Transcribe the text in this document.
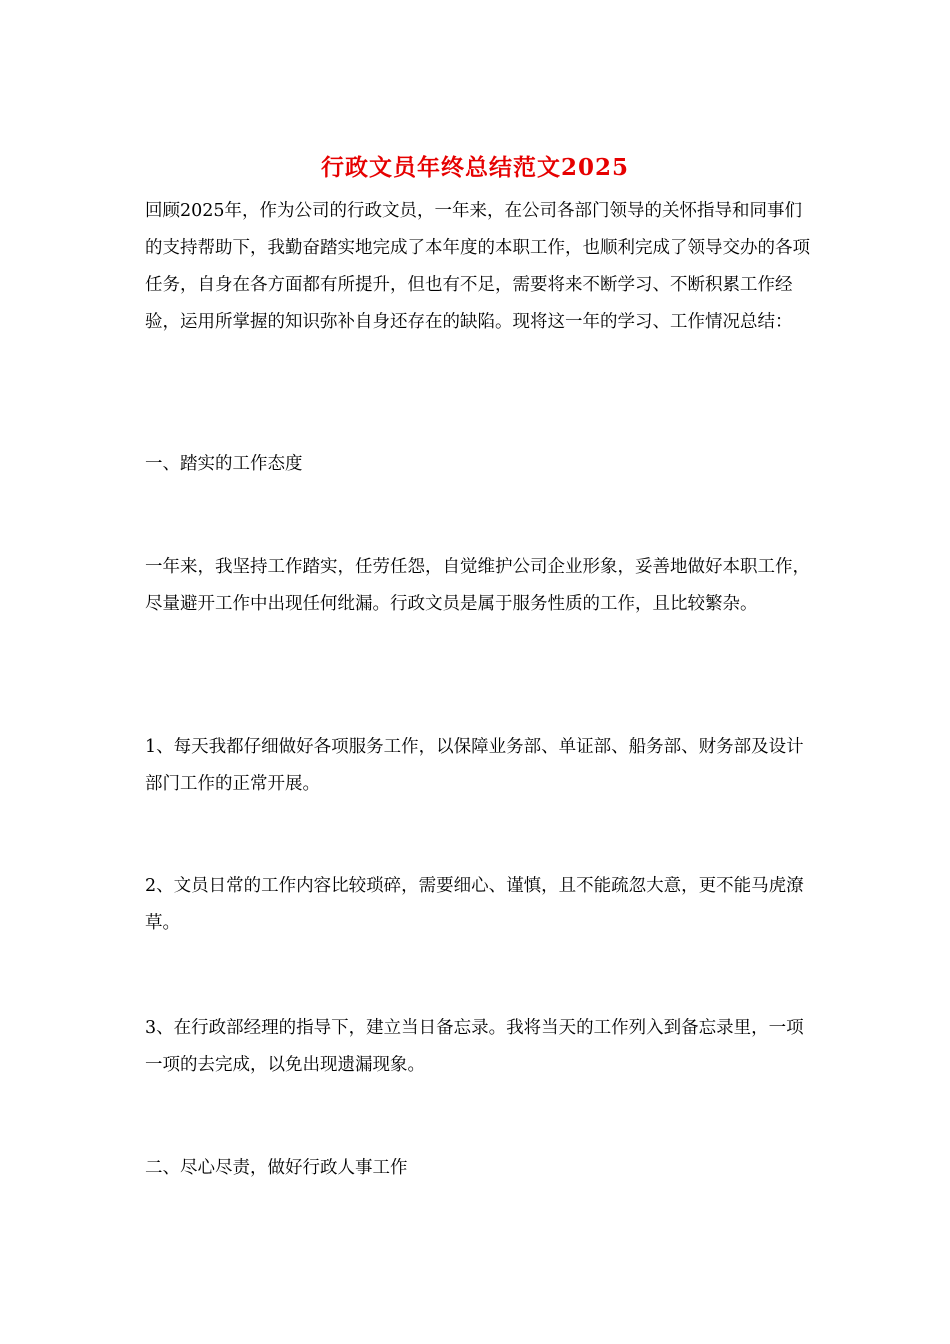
行政文员年终总结范文2025

回顾2025年，作为公司的行政文员，一年来，在公司各部门领导的关怀指导和同事们的支持帮助下，我勤奋踏实地完成了本年度的本职工作，也顺利完成了领导交办的各项任务，自身在各方面都有所提升，但也有不足，需要将来不断学习、不断积累工作经验，运用所掌握的知识弥补自身还存在的缺陷。现将这一年的学习、工作情况总结：

一、踏实的工作态度

一年来，我坚持工作踏实，任劳任怨，自觉维护公司企业形象，妥善地做好本职工作，尽量避开工作中出现任何纰漏。行政文员是属于服务性质的工作，且比较繁杂。

1、每天我都仔细做好各项服务工作，以保障业务部、单证部、船务部、财务部及设计部门工作的正常开展。

2、文员日常的工作内容比较琐碎，需要细心、谨慎，且不能疏忽大意，更不能马虎潦草。

3、在行政部经理的指导下，建立当日备忘录。我将当天的工作列入到备忘录里，一项一项的去完成，以免出现遗漏现象。

二、尽心尽责，做好行政人事工作
